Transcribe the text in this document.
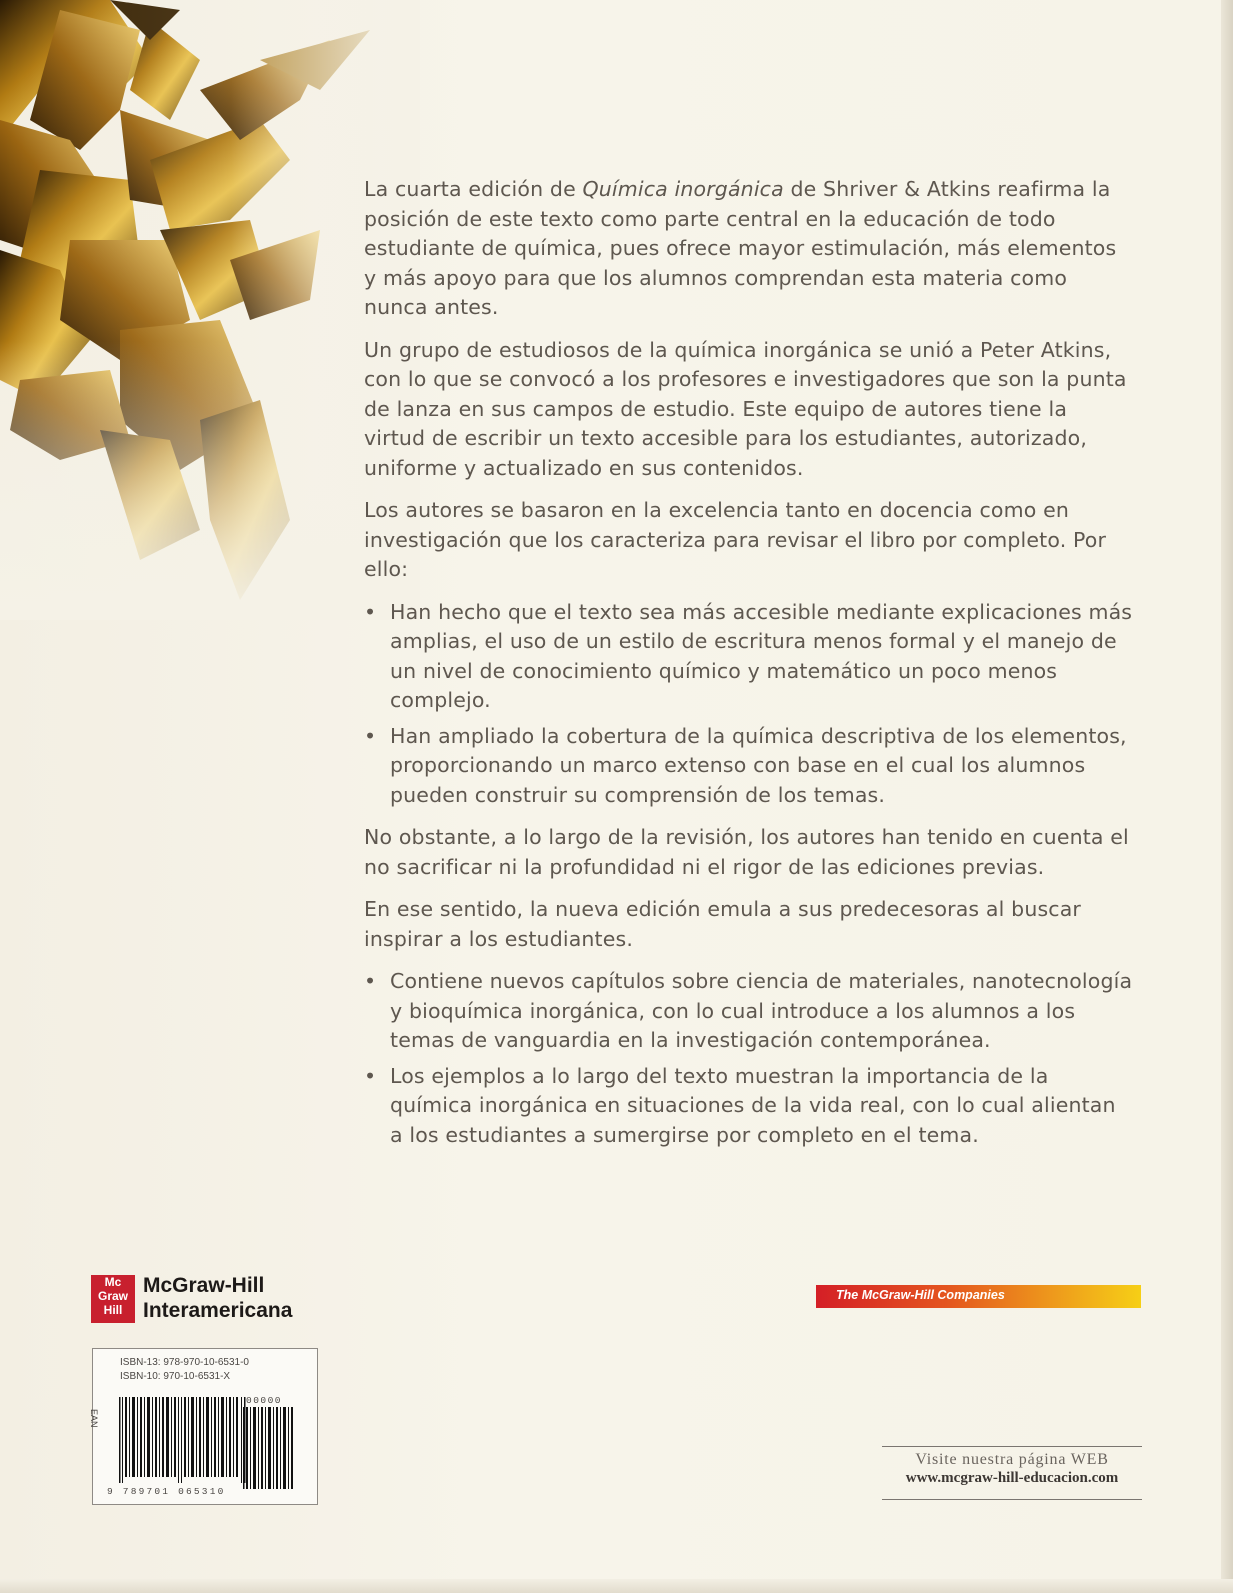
La cuarta edición de Química inorgánica de Shriver & Atkins reafirma la posición de este texto como parte central en la educación de todo estudiante de química, pues ofrece mayor estimulación, más elementos y más apoyo para que los alumnos comprendan esta materia como nunca antes.

Un grupo de estudiosos de la química inorgánica se unió a Peter Atkins, con lo que se convocó a los profesores e investigadores que son la punta de lanza en sus campos de estudio. Este equipo de autores tiene la virtud de escribir un texto accesible para los estudiantes, autorizado, uniforme y actualizado en sus contenidos.

Los autores se basaron en la excelencia tanto en docencia como en investigación que los caracteriza para revisar el libro por completo. Por ello:

• Han hecho que el texto sea más accesible mediante explicaciones más amplias, el uso de un estilo de escritura menos formal y el manejo de un nivel de conocimiento químico y matemático un poco menos complejo.
• Han ampliado la cobertura de la química descriptiva de los elementos, proporcionando un marco extenso con base en el cual los alumnos pueden construir su comprensión de los temas.

No obstante, a lo largo de la revisión, los autores han tenido en cuenta el no sacrificar ni la profundidad ni el rigor de las ediciones previas.

En ese sentido, la nueva edición emula a sus predecesoras al buscar inspirar a los estudiantes.

• Contiene nuevos capítulos sobre ciencia de materiales, nanotecnología y bioquímica inorgánica, con lo cual introduce a los alumnos a los temas de vanguardia en la investigación contemporánea.
• Los ejemplos a lo largo del texto muestran la importancia de la química inorgánica en situaciones de la vida real, con lo cual alientan a los estudiantes a sumergirse por completo en el tema.
Mc
Graw
Hill
McGraw-Hill
Interamericana
The McGraw-Hill Companies
ISBN-13: 978-970-10-6531-0
ISBN-10: 970-10-6531-X
EAN
00000
9 789701 065310
Visite nuestra página WEB
www.mcgraw-hill-educacion.com
